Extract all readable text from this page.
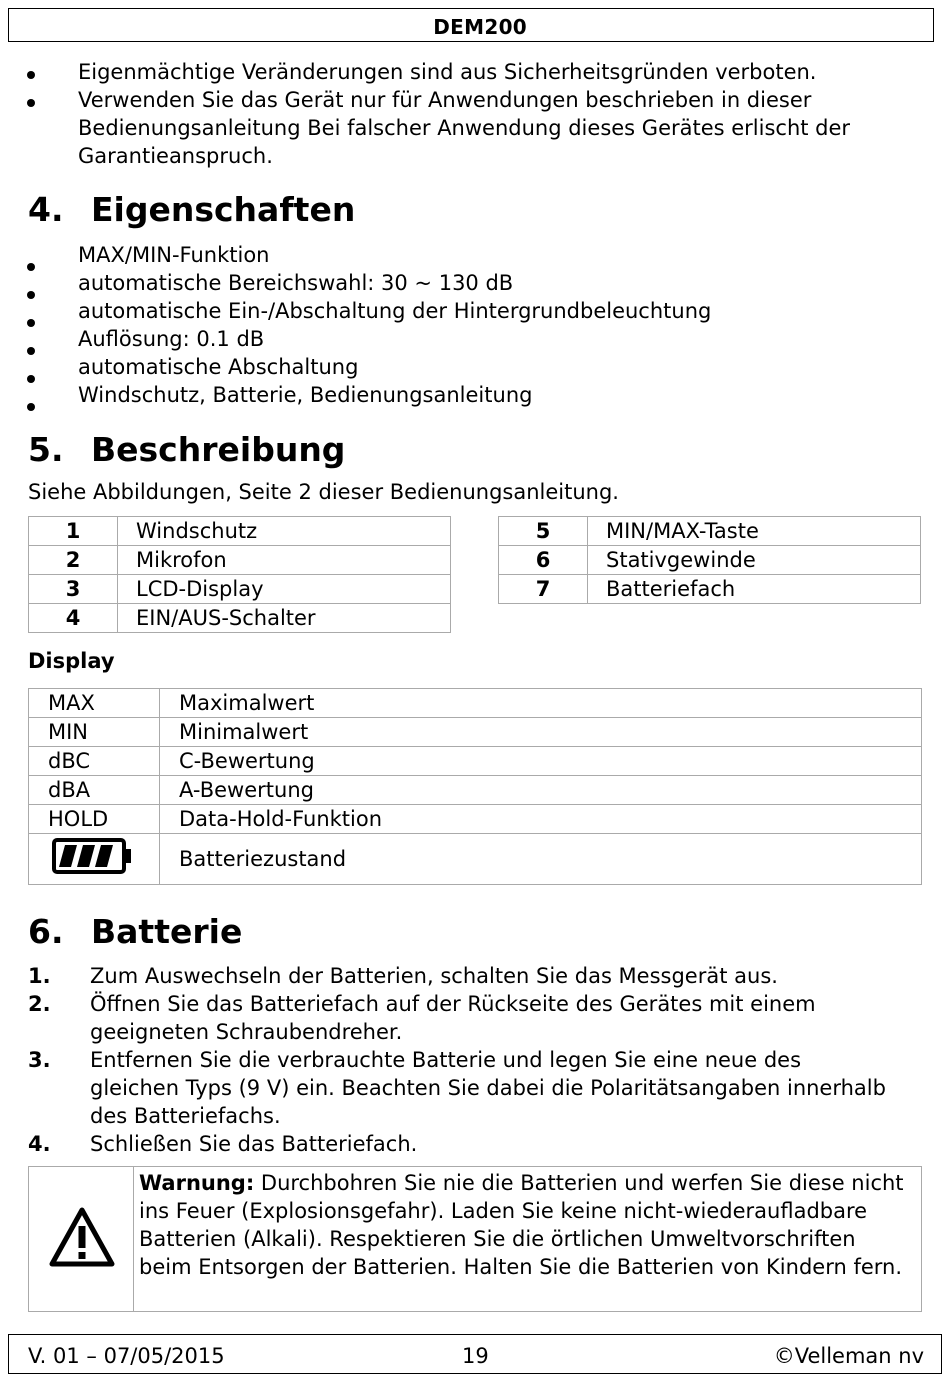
DEM200
Eigenmächtige Veränderungen sind aus Sicherheitsgründen verboten.
Verwenden Sie das Gerät nur für Anwendungen beschrieben in dieser
Bedienungsanleitung Bei falscher Anwendung dieses Gerätes erlischt der
Garantieanspruch.
4. Eigenschaften
MAX/MIN-Funktion
automatische Bereichswahl: 30 ~ 130 dB
automatische Ein-/Abschaltung der Hintergrundbeleuchtung
Auflösung: 0.1 dB
automatische Abschaltung
Windschutz, Batterie, Bedienungsanleitung
5. Beschreibung
Siehe Abbildungen, Seite 2 dieser Bedienungsanleitung.
1	Windschutz
2	Mikrofon
3	LCD-Display
4	EIN/AUS-Schalter
5	MIN/MAX-Taste
6	Stativgewinde
7	Batteriefach
Display
MAX	Maximalwert
MIN	Minimalwert
dBC	C-Bewertung
dBA	A-Bewertung
HOLD	Data-Hold-Funktion
	Batteriezustand
6. Batterie
1. Zum Auswechseln der Batterien, schalten Sie das Messgerät aus.
2. Öffnen Sie das Batteriefach auf der Rückseite des Gerätes mit einem geeigneten Schraubendreher.
3. Entfernen Sie die verbrauchte Batterie und legen Sie eine neue des gleichen Typs (9 V) ein. Beachten Sie dabei die Polaritätsangaben innerhalb des Batteriefachs.
4. Schließen Sie das Batteriefach.
Warnung: Durchbohren Sie nie die Batterien und werfen Sie diese nicht ins Feuer (Explosionsgefahr). Laden Sie keine nicht-wiederaufladbare Batterien (Alkali). Respektieren Sie die örtlichen Umweltvorschriften beim Entsorgen der Batterien. Halten Sie die Batterien von Kindern fern.
V. 01 – 07/05/2015	19	©Velleman nv
